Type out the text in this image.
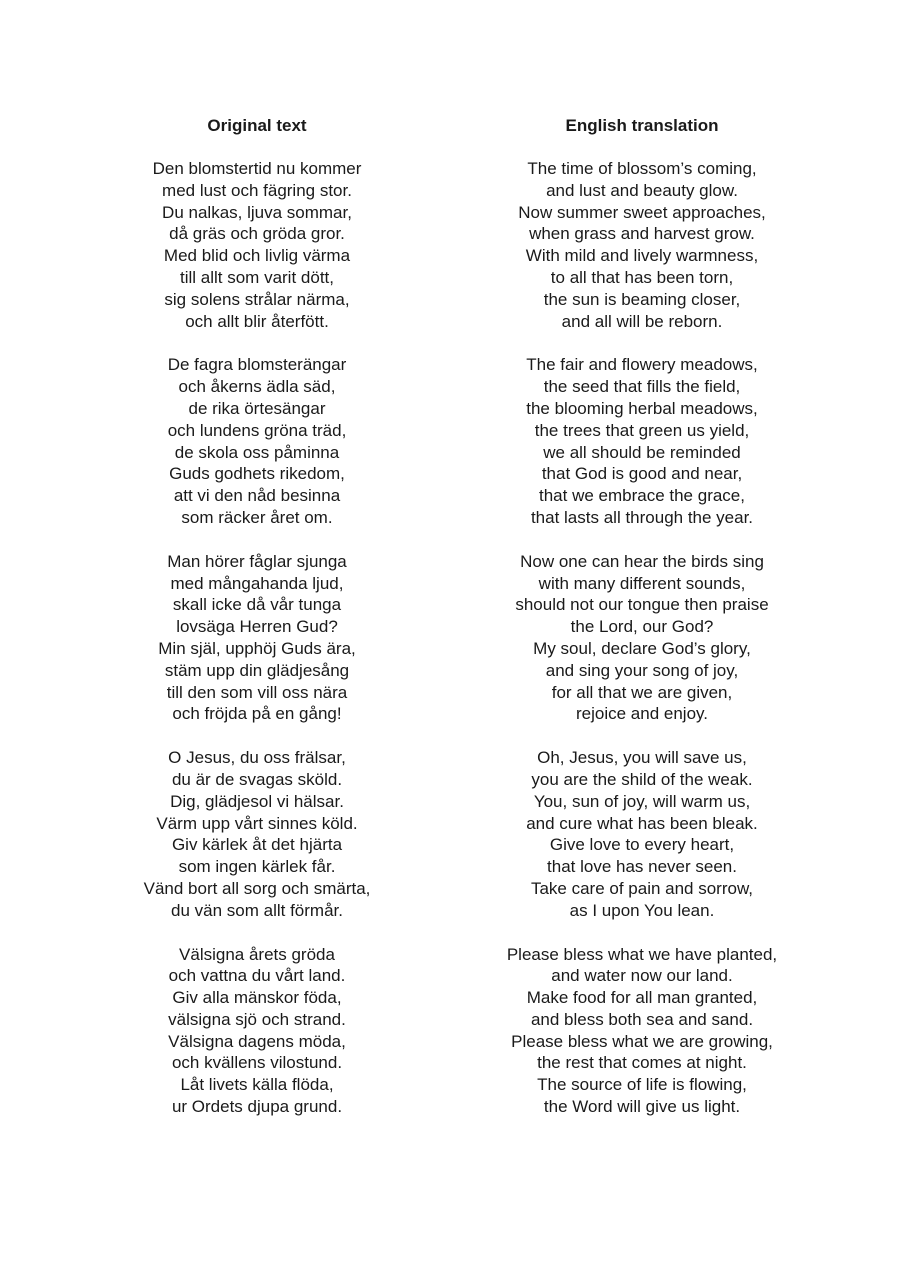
Original text
Den blomstertid nu kommer
med lust och fägring stor.
Du nalkas, ljuva sommar,
då gräs och gröda gror.
Med blid och livlig värma
till allt som varit dött,
sig solens strålar närma,
och allt blir återfött.
De fagra blomsterängar
och åkerns ädla säd,
de rika örtesängar
och lundens gröna träd,
de skola oss påminna
Guds godhets rikedom,
att vi den nåd besinna
som räcker året om.
Man hörer fåglar sjunga
med mångahanda ljud,
skall icke då vår tunga
lovsäga Herren Gud?
Min själ, upphöj Guds ära,
stäm upp din glädjesång
till den som vill oss nära
och fröjda på en gång!
O Jesus, du oss frälsar,
du är de svagas sköld.
Dig, glädjesol vi hälsar.
Värm upp vårt sinnes köld.
Giv kärlek åt det hjärta
som ingen kärlek får.
Vänd bort all sorg och smärta,
du vän som allt förmår.
Välsigna årets gröda
och vattna du vårt land.
Giv alla mänskor föda,
välsigna sjö och strand.
Välsigna dagens möda,
och kvällens vilostund.
Låt livets källa flöda,
ur Ordets djupa grund.
English translation
The time of blossom’s coming,
and lust and beauty glow.
Now summer sweet approaches,
when grass and harvest grow.
With mild and lively warmness,
to all that has been torn,
the sun is beaming closer,
and all will be reborn.
The fair and flowery meadows,
the seed that fills the field,
the blooming herbal meadows,
the trees that green us yield,
we all should be reminded
that God is good and near,
that we embrace the grace,
that lasts all through the year.
Now one can hear the birds sing
with many different sounds,
should not our tongue then praise
the Lord, our God?
My soul, declare God’s glory,
and sing your song of joy,
for all that we are given,
rejoice and enjoy.
Oh, Jesus, you will save us,
you are the shild of the weak.
You, sun of joy, will warm us,
and cure what has been bleak.
Give love to every heart,
that love has never seen.
Take care of pain and sorrow,
as I upon You lean.
Please bless what we have planted,
and water now our land.
Make food for all man granted,
and bless both sea and sand.
Please bless what we are growing,
the rest that comes at night.
The source of life is flowing,
the Word will give us light.
